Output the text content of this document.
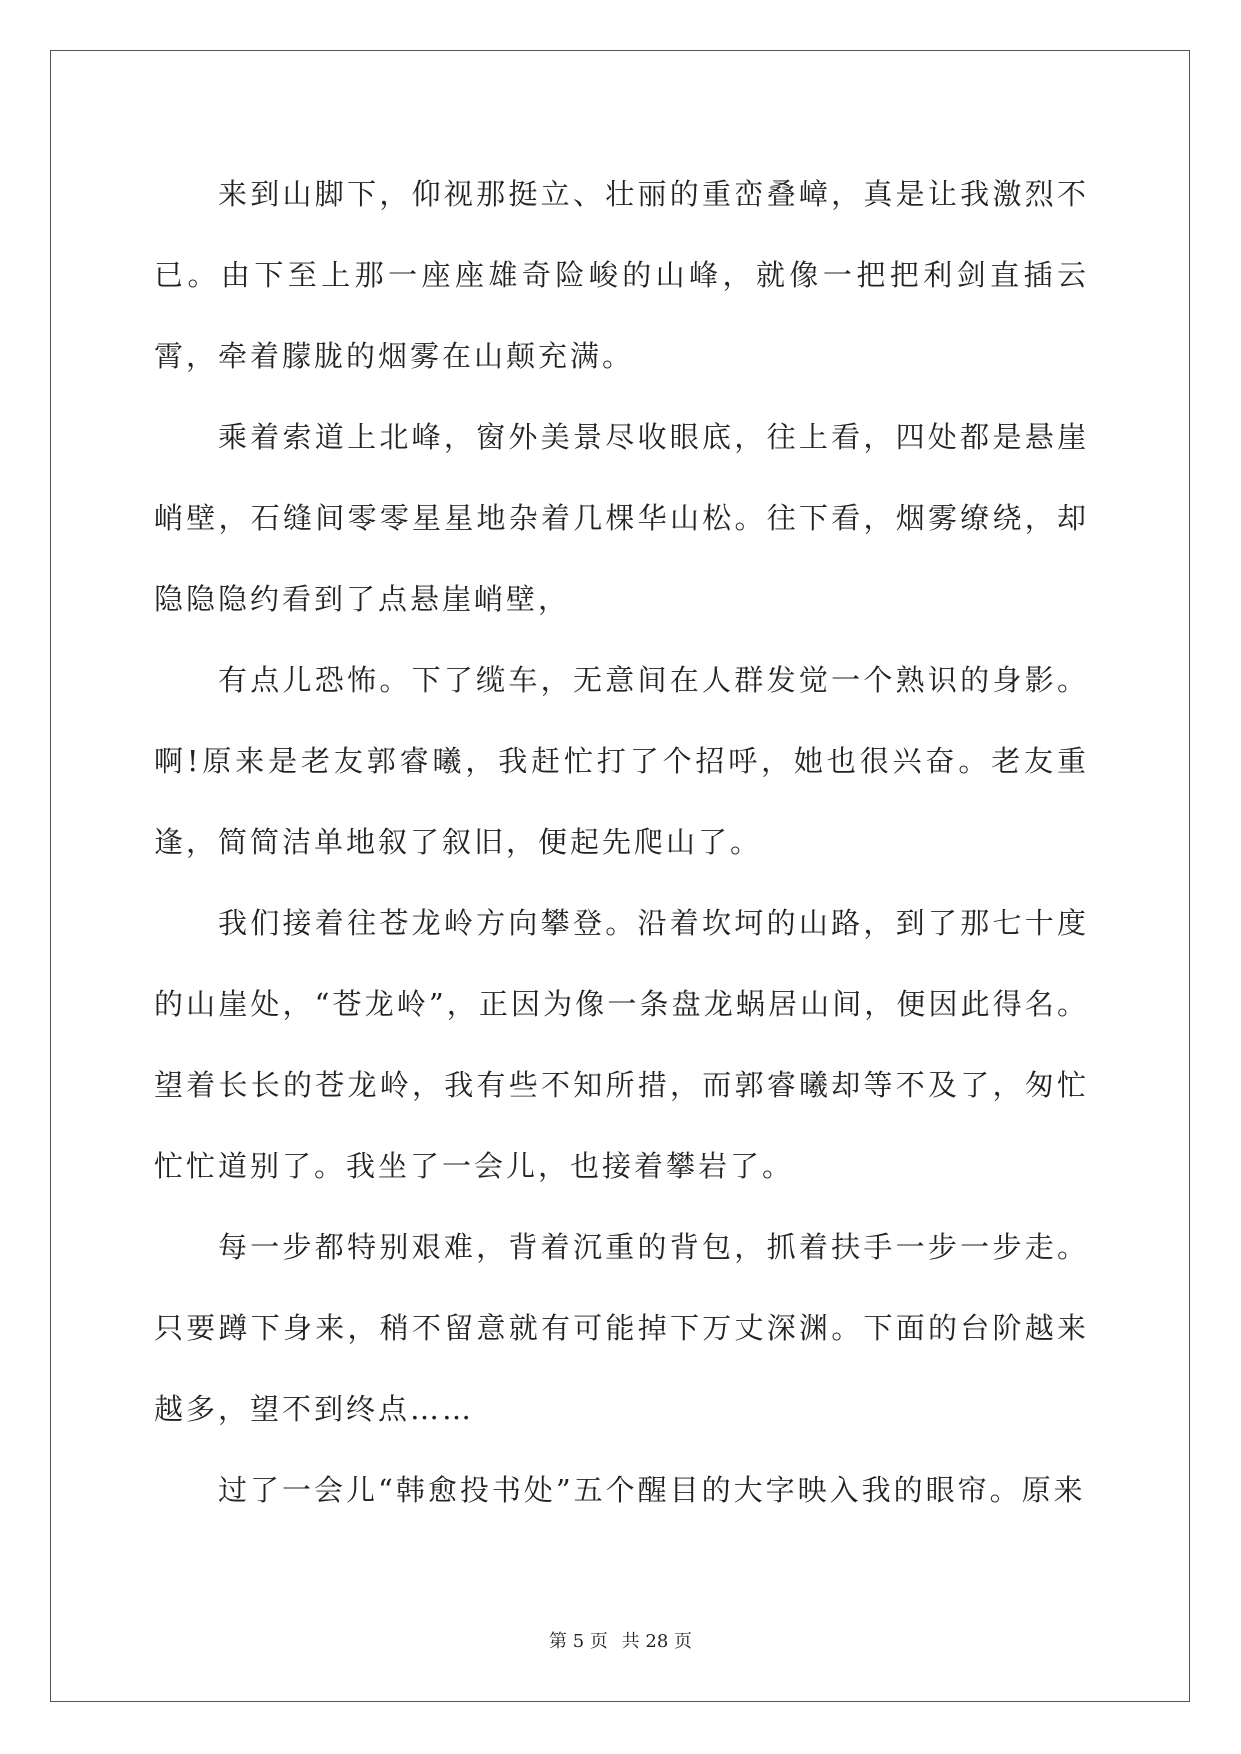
来到山脚下，仰视那挺立、壮丽的重峦叠嶂，真是让我激烈不已。由下至上那一座座雄奇险峻的山峰，就像一把把利剑直插云霄，牵着朦胧的烟雾在山颠充满。

乘着索道上北峰，窗外美景尽收眼底，往上看，四处都是悬崖峭壁，石缝间零零星星地杂着几棵华山松。往下看，烟雾缭绕，却隐隐隐约看到了点悬崖峭壁，

有点儿恐怖。下了缆车，无意间在人群发觉一个熟识的身影。啊!原来是老友郭睿曦，我赶忙打了个招呼，她也很兴奋。老友重逢，简简洁单地叙了叙旧，便起先爬山了。

我们接着往苍龙岭方向攀登。沿着坎坷的山路，到了那七十度的山崖处，“苍龙岭”，正因为像一条盘龙蜗居山间，便因此得名。望着长长的苍龙岭，我有些不知所措，而郭睿曦却等不及了，匆忙忙忙道别了。我坐了一会儿，也接着攀岩了。

每一步都特别艰难，背着沉重的背包，抓着扶手一步一步走。只要蹲下身来，稍不留意就有可能掉下万丈深渊。下面的台阶越来越多，望不到终点……

过了一会儿“韩愈投书处”五个醒目的大字映入我的眼帘。原来

第 5 页 共 28 页
